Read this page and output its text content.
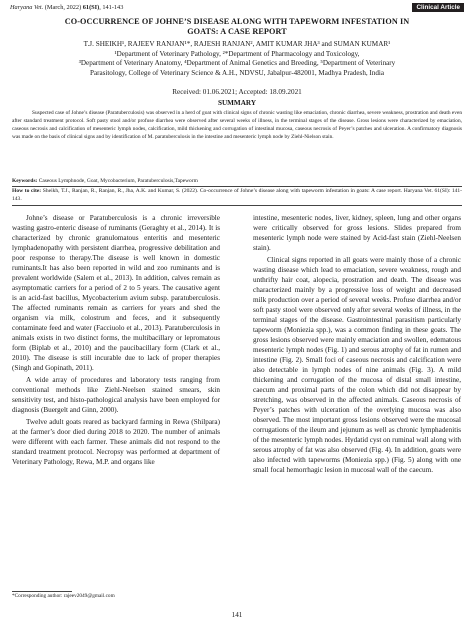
Haryana Vet. (March, 2022) 61(SI), 141-143	Clinical Article
CO-OCCURRENCE OF JOHNE’S DISEASE ALONG WITH TAPEWORM INFESTATION IN
GOATS: A CASE REPORT
T.J. SHEIKH¹, RAJEEV RANJAN¹*, RAJESH RANJAN², AMIT KUMAR JHA³ and SUMAN KUMAR¹
¹Department of Veterinary Pathology, ²*Department of Pharmacology and Toxicology,
³Department of Veterinary Anatomy, ⁴Department of Animal Genetics and Breeding, ⁵Department of Veterinary
Parasitology, College of Veterinary Science & A.H., NDVSU, Jabalpur-482001, Madhya Pradesh, India
Received: 01.06.2021; Accepted: 18.09.2021
SUMMARY
Suspected case of Johne’s disease (Paratuberculosis) was observed in a herd of goat with clinical signs of chronic wasting like emaciation, chronic diarrhea, severe weakness, prostration and death even after standard treatment protocol. Soft pasty stool and/or profuse diarrhea were observed after several weeks of illness, in the terminal stages of the disease. Gross lesions were characterized by emaciation, caseous necrosis and calcification of mesenteric lymph nodes, calcification, mild thickening and corrugation of intestinal mucosa, caseous necrosis of Peyer’s patches and ulceration. A confirmatory diagnosis was made on the basis of clinical signs and by identification of M. paratuberculosis in the intestine and mesenteric lymph node by Ziehl-Nielson stain.
Keywords: Caseous Lymphnode, Goat, Mycobacterium, Paratuberculosis,Tapeworm
How to cite: Sheikh, T.J., Ranjan, R., Ranjan, R., Jha, A.K. and Kumar, S. (2022). Co-occurrence of Johne’s disease along with tapeworm infestation in goats: A case report. Haryana Vet. 61(SI): 141-143.

Johne’s disease or Paratuberculosis is a chronic irreversible wasting gastro-enteric disease of ruminants (Geraghty et al., 2014). It is characterized by chronic granulomatous enteritis and mesenteric lymphadenopathy with persistent diarrhea, progressive debilitation and poor response to therapy.The disease is well known in domestic ruminants.It has also been reported in wild and zoo ruminants and is prevalent worldwide (Salem et al., 2013). In addition, calves remain as asymptomatic carriers for a period of 2 to 5 years. The causative agent is an acid-fast bacillus, Mycobacterium avium subsp. paratuberculosis. The affected ruminants remain as carriers for years and shed the organism via milk, colostrum and feces, and it subsequently contaminate feed and water (Facciuolo et al., 2013). Paratuberculosis in animals exists in two distinct forms, the multibacillary or lepromatous form (Biplab et al., 2010) and the paucibacillary form (Clark et al., 2010). The disease is still incurable due to lack of proper therapies (Singh and Gopinath, 2011).

A wide array of procedures and laboratory tests ranging from conventional methods like Ziehl-Neelsen stained smears, skin sensitivity test, and histo-pathological analysis have been employed for diagnosis (Buergelt and Ginn, 2000).

Twelve adult goats reared as backyard farming in Rewa (Shilpara) at the farmer’s door died during 2018 to 2020. The number of animals were different with each farmer. These animals did not respond to the standard treatment protocol. Necropsy was performed at department of Veterinary Pathology, Rewa, M.P. and organs like

intestine, mesenteric nodes, liver, kidney, spleen, lung and other organs were critically observed for gross lesions. Slides prepared from mesenteric lymph node were stained by Acid-fast stain (Ziehl-Neelsen stain).

Clinical signs reported in all goats were mainly those of a chronic wasting disease which lead to emaciation, severe weakness, rough and unthrifty hair coat, alopecia, prostration and death. The disease was characterized mainly by a progressive loss of weight and decreased milk production over a period of several weeks. Profuse diarrhea and/or soft pasty stool were observed only after several weeks of illness, in the terminal stages of the disease. Gastrointestinal parasitism particularly tapeworm (Moniezia spp.), was a common finding in these goats. The gross lesions observed were mainly emaciation and swollen, edematous mesenteric lymph nodes (Fig. 1) and serous atrophy of fat in rumen and intestine (Fig. 2). Small foci of caseous necrosis and calcification were also detectable in lymph nodes of nine animals (Fig. 3). A mild thickening and corrugation of the mucosa of distal small intestine, caecum and proximal parts of the colon which did not disappear by stretching, was observed in the affected animals. Caseous necrosis of Peyer’s patches with ulceration of the overlying mucosa was also observed. The most important gross lesions observed were the mucosal corrugations of the ileum and jejunum as well as chronic lymphadenitis of the mesenteric lymph nodes. Hydatid cyst on ruminal wall along with serous atrophy of fat was also observed (Fig. 4). In addition, goats were also infected with tapeworms (Moniezia spp.) (Fig. 5) along with one small focal hemorrhagic lesion in mucosal wall of the caecum.

*Corresponding author: rajeev2049@gmail.com
141
